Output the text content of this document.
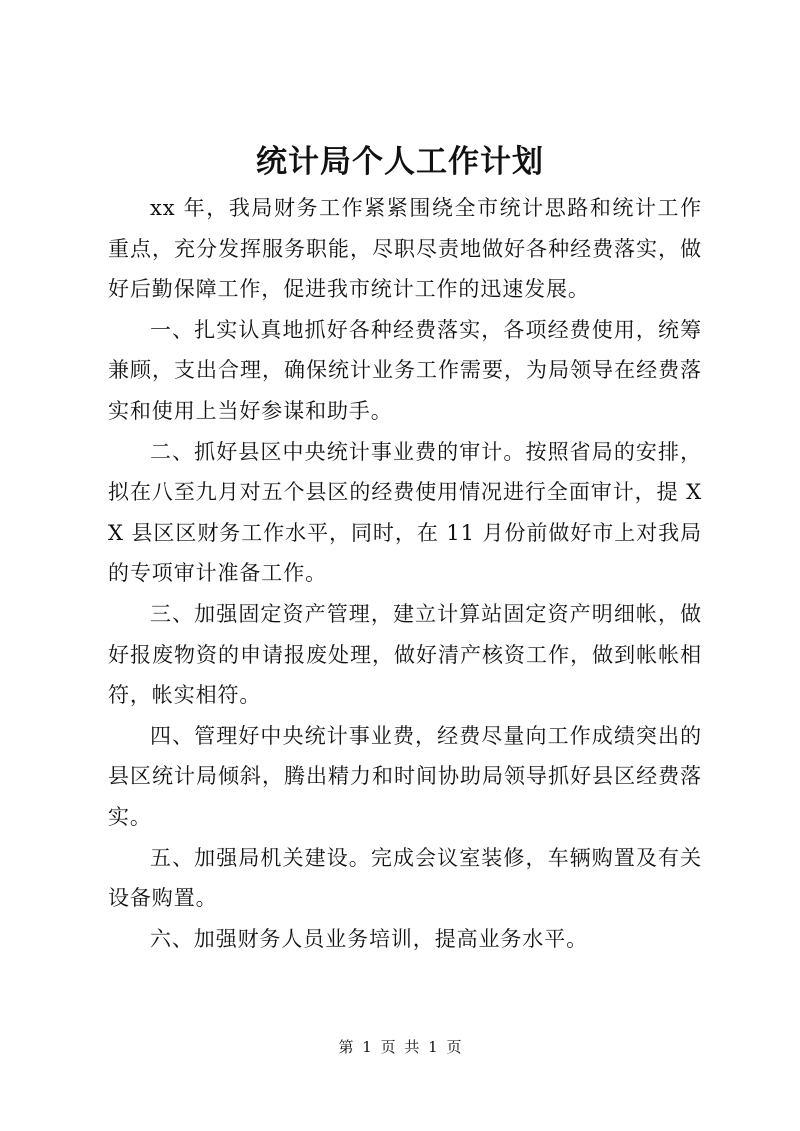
统计局个人工作计划

xx 年，我局财务工作紧紧围绕全市统计思路和统计工作重点，充分发挥服务职能，尽职尽责地做好各种经费落实，做好后勤保障工作，促进我市统计工作的迅速发展。

一、扎实认真地抓好各种经费落实，各项经费使用，统筹兼顾，支出合理，确保统计业务工作需要，为局领导在经费落实和使用上当好参谋和助手。

二、抓好县区中央统计事业费的审计。按照省局的安排，拟在八至九月对五个县区的经费使用情况进行全面审计，提 XX 县区区财务工作水平，同时，在 11 月份前做好市上对我局的专项审计准备工作。

三、加强固定资产管理，建立计算站固定资产明细帐，做好报废物资的申请报废处理，做好清产核资工作，做到帐帐相符，帐实相符。

四、管理好中央统计事业费，经费尽量向工作成绩突出的县区统计局倾斜，腾出精力和时间协助局领导抓好县区经费落实。

五、加强局机关建设。完成会议室装修，车辆购置及有关设备购置。

六、加强财务人员业务培训，提高业务水平。

第 1 页 共 1 页
